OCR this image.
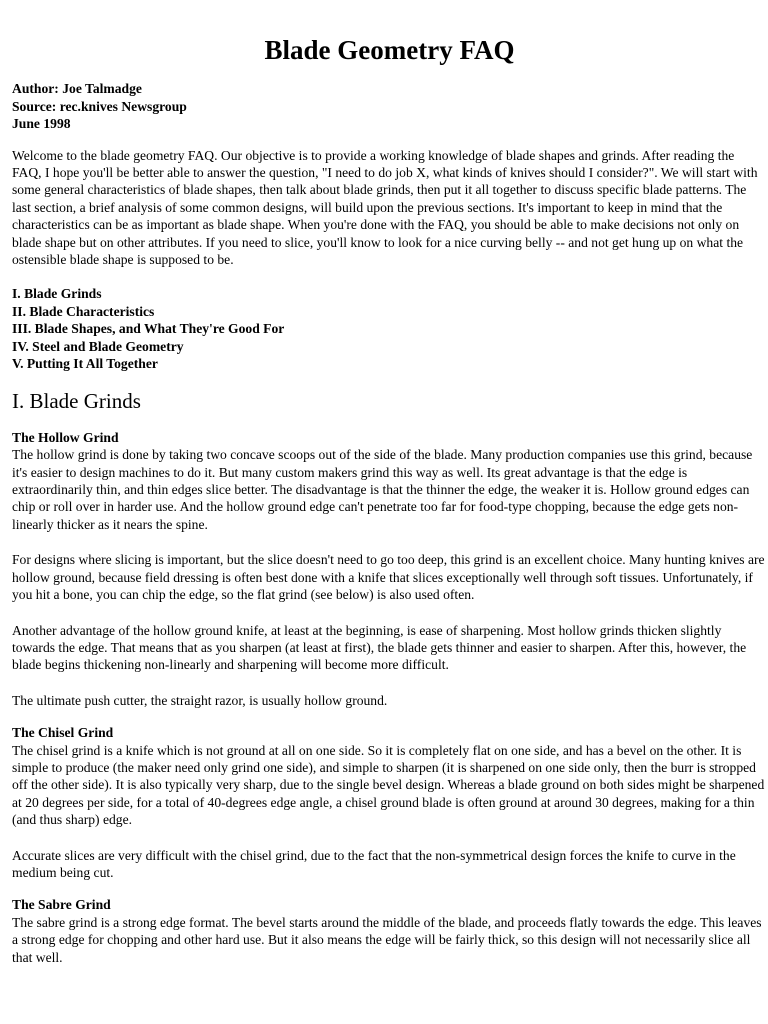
Blade Geometry FAQ
Author: Joe Talmadge
Source: rec.knives Newsgroup
June 1998

Welcome to the blade geometry FAQ. Our objective is to provide a working knowledge of blade shapes and grinds. After reading the FAQ, I hope you'll be better able to answer the question, "I need to do job X, what kinds of knives should I consider?". We will start with some general characteristics of blade shapes, then talk about blade grinds, then put it all together to discuss specific blade patterns. The last section, a brief analysis of some common designs, will build upon the previous sections. It's important to keep in mind that the characteristics can be as important as blade shape. When you're done with the FAQ, you should be able to make decisions not only on blade shape but on other attributes. If you need to slice, you'll know to look for a nice curving belly -- and not get hung up on what the ostensible blade shape is supposed to be.

I. Blade Grinds
II. Blade Characteristics
III. Blade Shapes, and What They're Good For
IV. Steel and Blade Geometry
V. Putting It All Together
I. Blade Grinds
The Hollow Grind

The hollow grind is done by taking two concave scoops out of the side of the blade. Many production companies use this grind, because it's easier to design machines to do it. But many custom makers grind this way as well. Its great advantage is that the edge is extraordinarily thin, and thin edges slice better. The disadvantage is that the thinner the edge, the weaker it is. Hollow ground edges can chip or roll over in harder use. And the hollow ground edge can't penetrate too far for food-type chopping, because the edge gets non-linearly thicker as it nears the spine.

For designs where slicing is important, but the slice doesn't need to go too deep, this grind is an excellent choice. Many hunting knives are hollow ground, because field dressing is often best done with a knife that slices exceptionally well through soft tissues. Unfortunately, if you hit a bone, you can chip the edge, so the flat grind (see below) is also used often.

Another advantage of the hollow ground knife, at least at the beginning, is ease of sharpening. Most hollow grinds thicken slightly towards the edge. That means that as you sharpen (at least at first), the blade gets thinner and easier to sharpen. After this, however, the blade begins thickening non-linearly and sharpening will become more difficult.

The ultimate push cutter, the straight razor, is usually hollow ground.

The Chisel Grind

The chisel grind is a knife which is not ground at all on one side. So it is completely flat on one side, and has a bevel on the other. It is simple to produce (the maker need only grind one side), and simple to sharpen (it is sharpened on one side only, then the burr is stropped off the other side). It is also typically very sharp, due to the single bevel design. Whereas a blade ground on both sides might be sharpened at 20 degrees per side, for a total of 40-degrees edge angle, a chisel ground blade is often ground at around 30 degrees, making for a thin (and thus sharp) edge.

Accurate slices are very difficult with the chisel grind, due to the fact that the non-symmetrical design forces the knife to curve in the medium being cut.

The Sabre Grind

The sabre grind is a strong edge format. The bevel starts around the middle of the blade, and proceeds flatly towards the edge. This leaves a strong edge for chopping and other hard use. But it also means the edge will be fairly thick, so this design will not necessarily slice all that well.
